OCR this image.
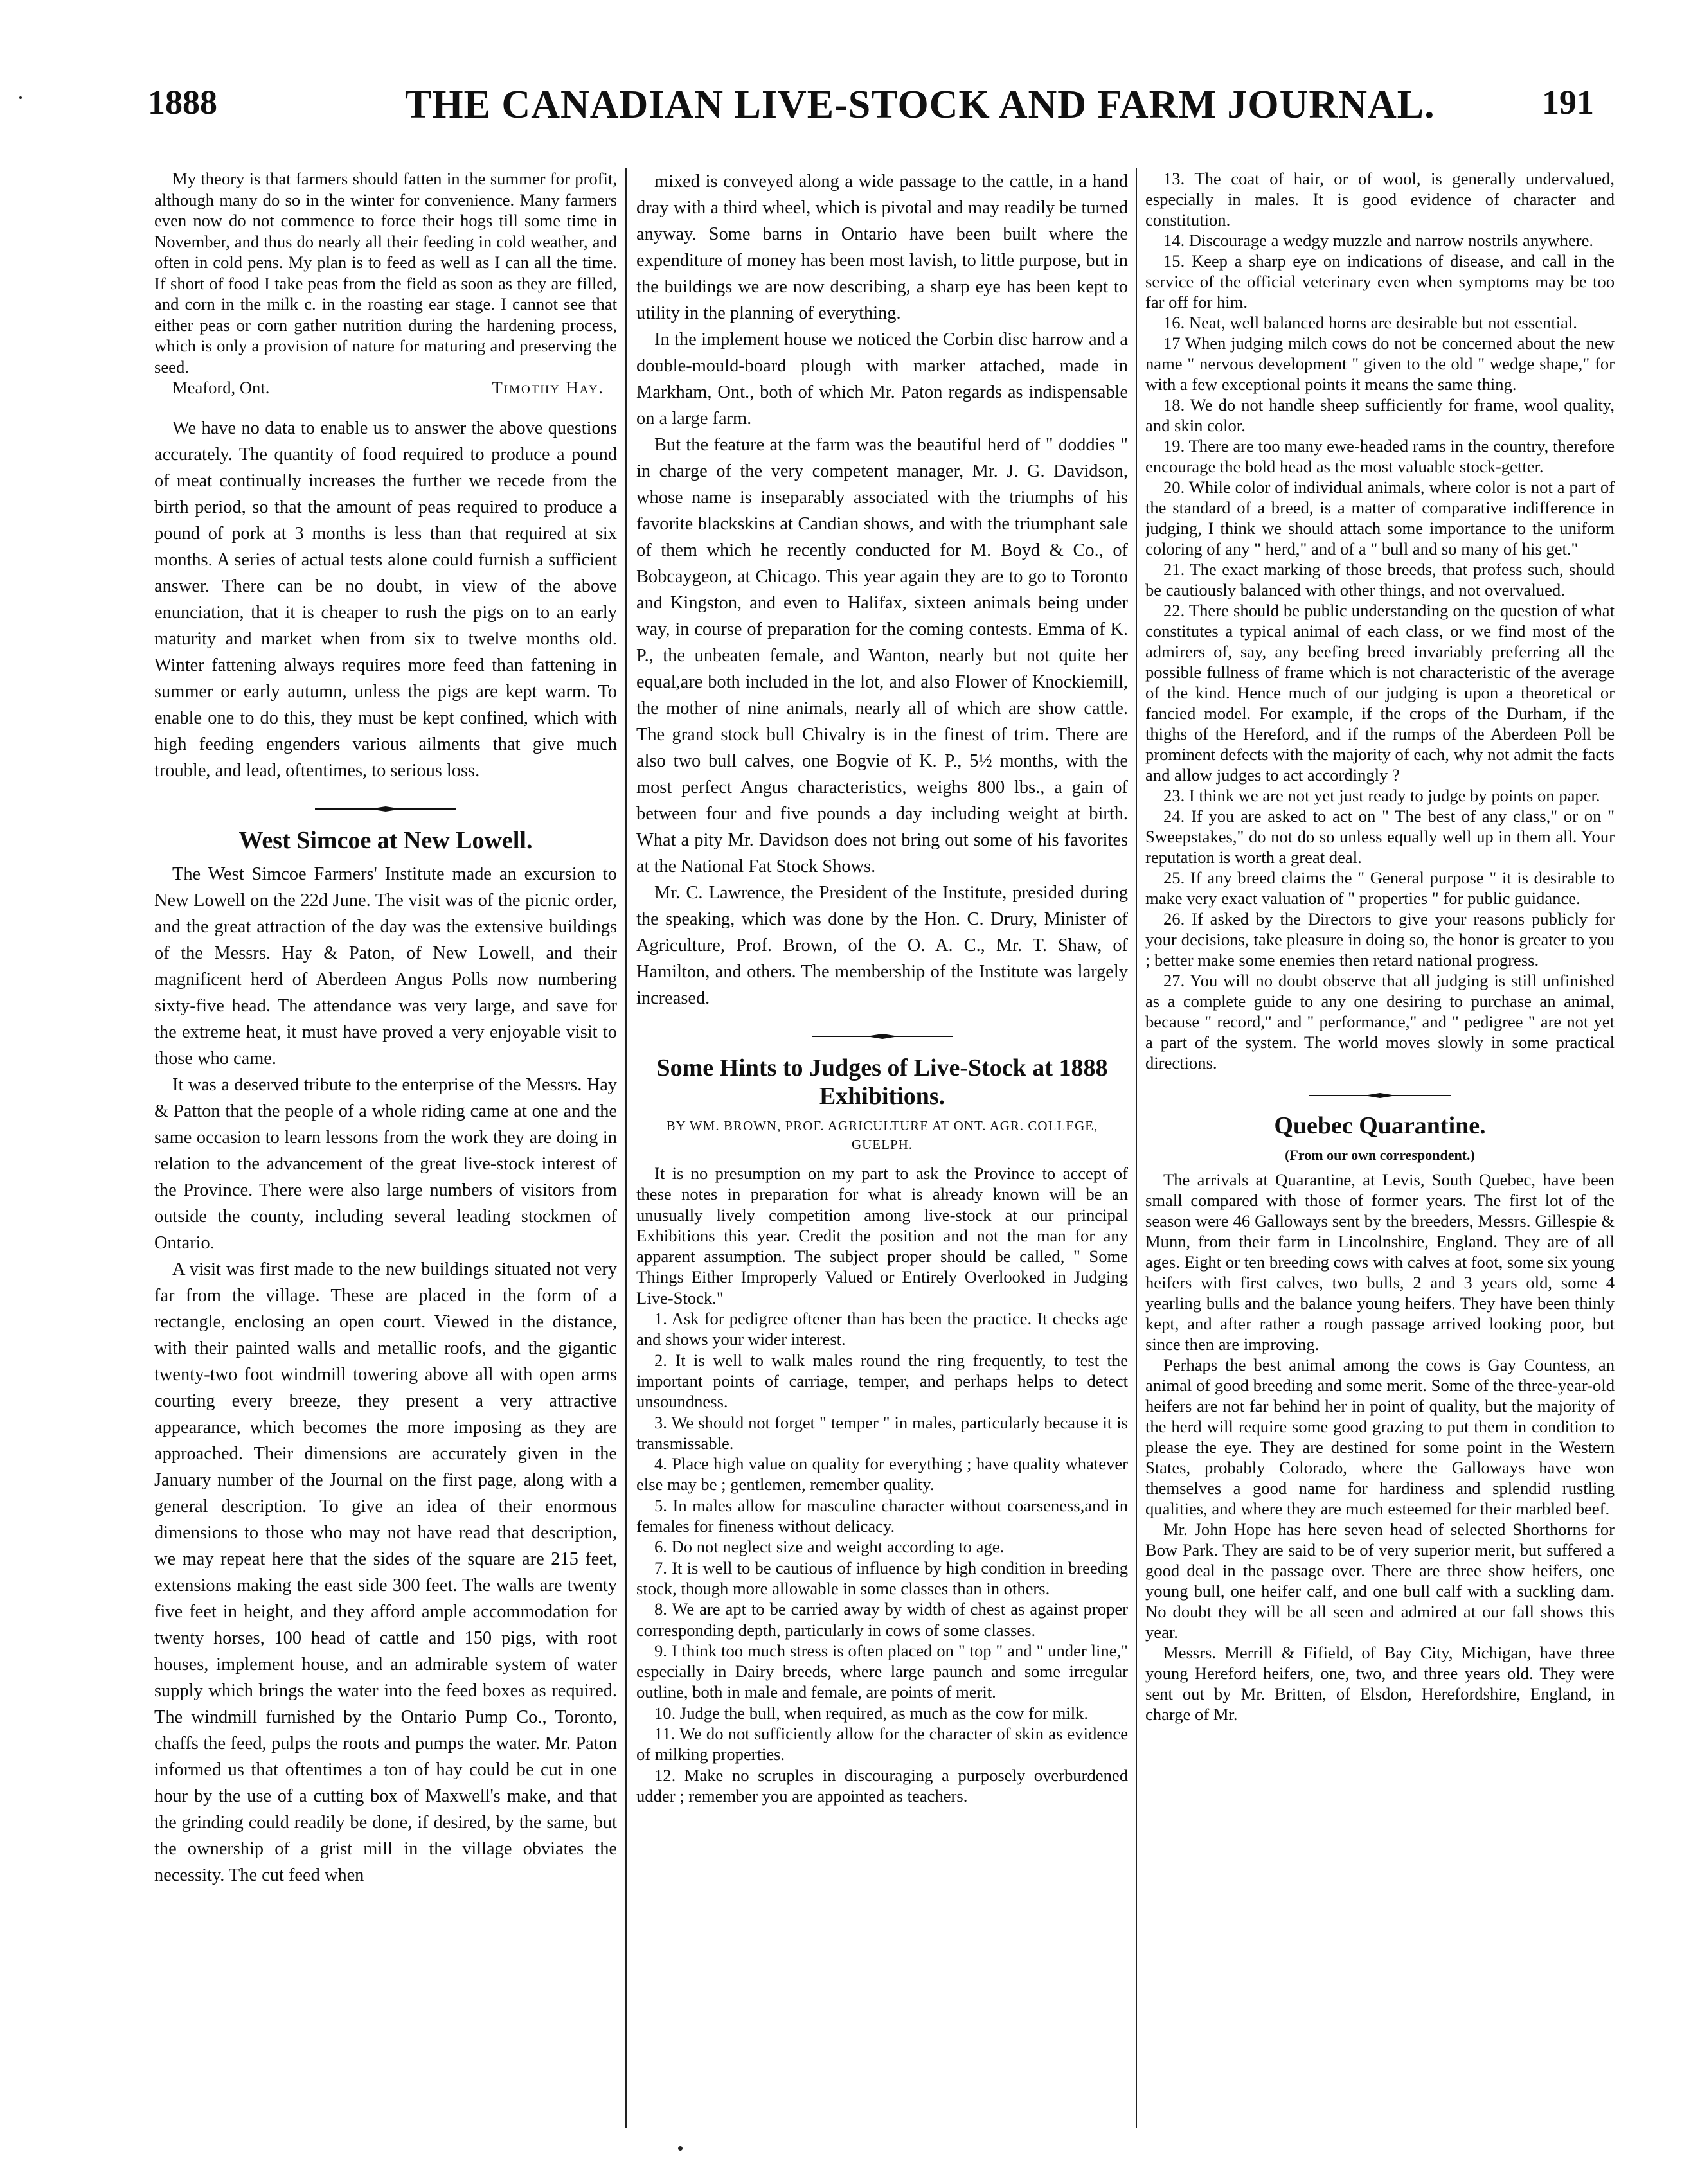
1888	THE CANADIAN LIVE-STOCK AND FARM JOURNAL.	191

My theory is that farmers should fatten in the summer for profit, although many do so in the winter for convenience. Many farmers even now do not commence to force their hogs till some time in November, and thus do nearly all their feeding in cold weather, and often in cold pens. My plan is to feed as well as I can all the time. If short of food I take peas from the field as soon as they are filled, and corn in the milk c. in the roasting ear stage. I cannot see that either peas or corn gather nutrition during the hardening process, which is only a provision of nature for maturing and preserving the seed.

Meaford, Ont.	Timothy Hay.

We have no data to enable us to answer the above questions accurately. The quantity of food required to produce a pound of meat continually increases the further we recede from the birth period, so that the amount of peas required to produce a pound of pork at 3 months is less than that required at six months. A series of actual tests alone could furnish a sufficient answer. There can be no doubt, in view of the above enunciation, that it is cheaper to rush the pigs on to an early maturity and market when from six to twelve months old. Winter fattening always requires more feed than fattening in summer or early autumn, unless the pigs are kept warm. To enable one to do this, they must be kept confined, which with high feeding engenders various ailments that give much trouble, and lead, oftentimes, to serious loss.

West Simcoe at New Lowell.

The West Simcoe Farmers' Institute made an excursion to New Lowell on the 22d June. The visit was of the picnic order, and the great attraction of the day was the extensive buildings of the Messrs. Hay & Paton, of New Lowell, and their magnificent herd of Aberdeen Angus Polls now numbering sixty-five head. The attendance was very large, and save for the extreme heat, it must have proved a very enjoyable visit to those who came.

It was a deserved tribute to the enterprise of the Messrs. Hay & Patton that the people of a whole riding came at one and the same occasion to learn lessons from the work they are doing in relation to the advancement of the great live-stock interest of the Province. There were also large numbers of visitors from outside the county, including several leading stockmen of Ontario.

A visit was first made to the new buildings situated not very far from the village. These are placed in the form of a rectangle, enclosing an open court. Viewed in the distance, with their painted walls and metallic roofs, and the gigantic twenty-two foot windmill towering above all with open arms courting every breeze, they present a very attractive appearance, which becomes the more imposing as they are approached. Their dimensions are accurately given in the January number of the Journal on the first page, along with a general description. To give an idea of their enormous dimensions to those who may not have read that description, we may repeat here that the sides of the square are 215 feet, extensions making the east side 300 feet. The walls are twenty five feet in height, and they afford ample accommodation for twenty horses, 100 head of cattle and 150 pigs, with root houses, implement house, and an admirable system of water supply which brings the water into the feed boxes as required. The windmill furnished by the Ontario Pump Co., Toronto, chaffs the feed, pulps the roots and pumps the water. Mr. Paton informed us that oftentimes a ton of hay could be cut in one hour by the use of a cutting box of Maxwell's make, and that the grinding could readily be done, if desired, by the same, but the ownership of a grist mill in the village obviates the necessity. The cut feed when

mixed is conveyed along a wide passage to the cattle, in a hand dray with a third wheel, which is pivotal and may readily be turned anyway. Some barns in Ontario have been built where the expenditure of money has been most lavish, to little purpose, but in the buildings we are now describing, a sharp eye has been kept to utility in the planning of everything.

In the implement house we noticed the Corbin disc harrow and a double-mould-board plough with marker attached, made in Markham, Ont., both of which Mr. Paton regards as indispensable on a large farm.

But the feature at the farm was the beautiful herd of " doddies " in charge of the very competent manager, Mr. J. G. Davidson, whose name is inseparably associated with the triumphs of his favorite blackskins at Candian shows, and with the triumphant sale of them which he recently conducted for M. Boyd & Co., of Bobcaygeon, at Chicago. This year again they are to go to Toronto and Kingston, and even to Halifax, sixteen animals being under way, in course of preparation for the coming contests. Emma of K. P., the unbeaten female, and Wanton, nearly but not quite her equal,are both included in the lot, and also Flower of Knockiemill, the mother of nine animals, nearly all of which are show cattle. The grand stock bull Chivalry is in the finest of trim. There are also two bull calves, one Bogvie of K. P., 5½ months, with the most perfect Angus characteristics, weighs 800 lbs., a gain of between four and five pounds a day including weight at birth. What a pity Mr. Davidson does not bring out some of his favorites at the National Fat Stock Shows.

Mr. C. Lawrence, the President of the Institute, presided during the speaking, which was done by the Hon. C. Drury, Minister of Agriculture, Prof. Brown, of the O. A. C., Mr. T. Shaw, of Hamilton, and others. The membership of the Institute was largely increased.

Some Hints to Judges of Live-Stock at 1888 Exhibitions.
BY WM. BROWN, PROF. AGRICULTURE AT ONT. AGR. COLLEGE, GUELPH.

It is no presumption on my part to ask the Province to accept of these notes in preparation for what is already known will be an unusually lively competition among live-stock at our principal Exhibitions this year. Credit the position and not the man for any apparent assumption. The subject proper should be called, " Some Things Either Improperly Valued or Entirely Overlooked in Judging Live-Stock."

1. Ask for pedigree oftener than has been the practice. It checks age and shows your wider interest.

2. It is well to walk males round the ring frequently, to test the important points of carriage, temper, and perhaps helps to detect unsoundness.

3. We should not forget " temper " in males, particularly because it is transmissable.

4. Place high value on quality for everything ; have quality whatever else may be ; gentlemen, remember quality.

5. In males allow for masculine character without coarseness,and in females for fineness without delicacy.

6. Do not neglect size and weight according to age.

7. It is well to be cautious of influence by high condition in breeding stock, though more allowable in some classes than in others.

8. We are apt to be carried away by width of chest as against proper corresponding depth, particularly in cows of some classes.

9. I think too much stress is often placed on " top " and " under line," especially in Dairy breeds, where large paunch and some irregular outline, both in male and female, are points of merit.

10. Judge the bull, when required, as much as the cow for milk.

11. We do not sufficiently allow for the character of skin as evidence of milking properties.

12. Make no scruples in discouraging a purposely overburdened udder ; remember you are appointed as teachers.

13. The coat of hair, or of wool, is generally undervalued, especially in males. It is good evidence of character and constitution.

14. Discourage a wedgy muzzle and narrow nostrils anywhere.

15. Keep a sharp eye on indications of disease, and call in the service of the official veterinary even when symptoms may be too far off for him.

16. Neat, well balanced horns are desirable but not essential.

17 When judging milch cows do not be concerned about the new name " nervous development " given to the old " wedge shape," for with a few exceptional points it means the same thing.

18. We do not handle sheep sufficiently for frame, wool quality, and skin color.

19. There are too many ewe-headed rams in the country, therefore encourage the bold head as the most valuable stock-getter.

20. While color of individual animals, where color is not a part of the standard of a breed, is a matter of comparative indifference in judging, I think we should attach some importance to the uniform coloring of any " herd," and of a " bull and so many of his get."

21. The exact marking of those breeds, that profess such, should be cautiously balanced with other things, and not overvalued.

22. There should be public understanding on the question of what constitutes a typical animal of each class, or we find most of the admirers of, say, any beefing breed invariably preferring all the possible fullness of frame which is not characteristic of the average of the kind. Hence much of our judging is upon a theoretical or fancied model. For example, if the crops of the Durham, if the thighs of the Hereford, and if the rumps of the Aberdeen Poll be prominent defects with the majority of each, why not admit the facts and allow judges to act accordingly ?

23. I think we are not yet just ready to judge by points on paper.

24. If you are asked to act on " The best of any class," or on " Sweepstakes," do not do so unless equally well up in them all. Your reputation is worth a great deal.

25. If any breed claims the " General purpose " it is desirable to make very exact valuation of " properties " for public guidance.

26. If asked by the Directors to give your reasons publicly for your decisions, take pleasure in doing so, the honor is greater to you ; better make some enemies then retard national progress.

27. You will no doubt observe that all judging is still unfinished as a complete guide to any one desiring to purchase an animal, because " record," and " performance," and " pedigree " are not yet a part of the system. The world moves slowly in some practical directions.

Quebec Quarantine.
(From our own correspondent.)

The arrivals at Quarantine, at Levis, South Quebec, have been small compared with those of former years. The first lot of the season were 46 Galloways sent by the breeders, Messrs. Gillespie & Munn, from their farm in Lincolnshire, England. They are of all ages. Eight or ten breeding cows with calves at foot, some six young heifers with first calves, two bulls, 2 and 3 years old, some 4 yearling bulls and the balance young heifers. They have been thinly kept, and after rather a rough passage arrived looking poor, but since then are improving.

Perhaps the best animal among the cows is Gay Countess, an animal of good breeding and some merit. Some of the three-year-old heifers are not far behind her in point of quality, but the majority of the herd will require some good grazing to put them in condition to please the eye. They are destined for some point in the Western States, probably Colorado, where the Galloways have won themselves a good name for hardiness and splendid rustling qualities, and where they are much esteemed for their marbled beef.

Mr. John Hope has here seven head of selected Shorthorns for Bow Park. They are said to be of very superior merit, but suffered a good deal in the passage over. There are three show heifers, one young bull, one heifer calf, and one bull calf with a suckling dam. No doubt they will be all seen and admired at our fall shows this year.

Messrs. Merrill & Fifield, of Bay City, Michigan, have three young Hereford heifers, one, two, and three years old. They were sent out by Mr. Britten, of Elsdon, Herefordshire, England, in charge of Mr.
